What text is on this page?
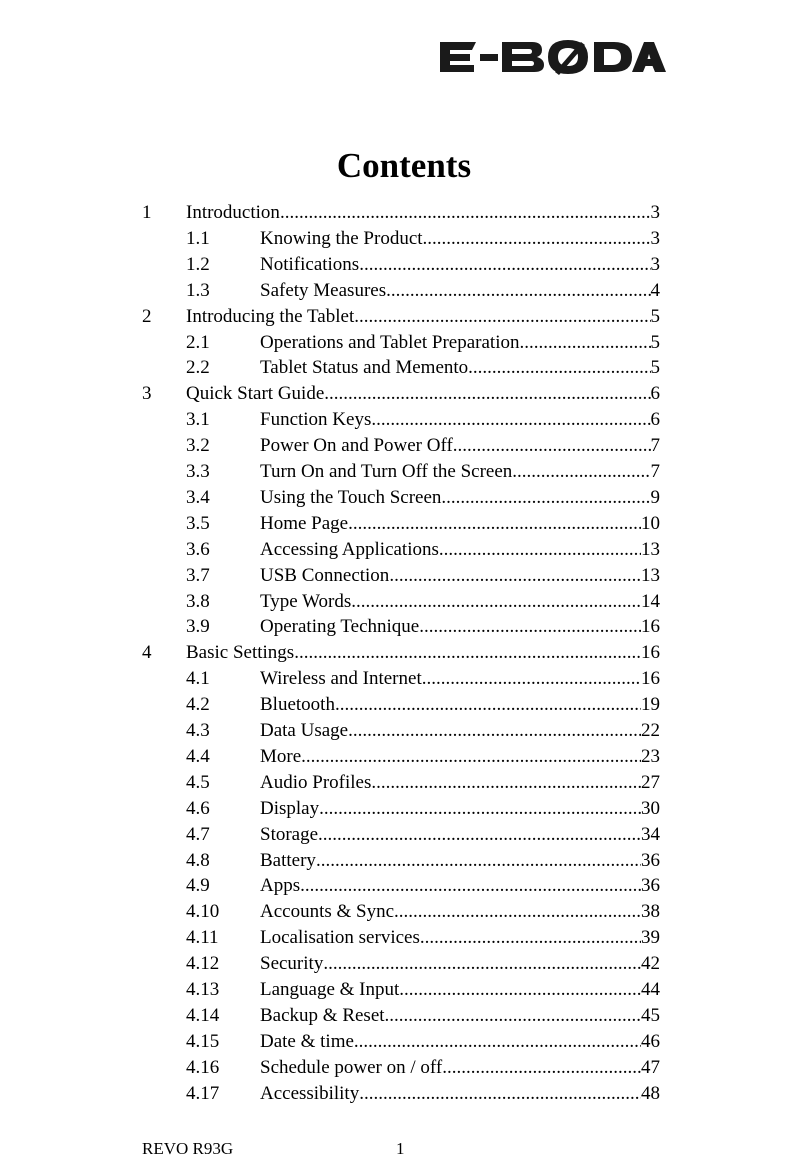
Contents
1 Introduction .....	3
1.1	Knowing the Product .....	3
1.2	Notifications .....	3
1.3	Safety Measures .....	4
2 Introducing the Tablet .....	5
2.1	Operations and Tablet Preparation .....	5
2.2	Tablet Status and Memento .....	5
3 Quick Start Guide .....	6
3.1	Function Keys .....	6
3.2	Power On and Power Off .....	7
3.3	Turn On and Turn Off the Screen .....	7
3.4	Using the Touch Screen .....	9
3.5	Home Page .....	10
3.6	Accessing Applications .....	13
3.7	USB Connection .....	13
3.8	Type Words .....	14
3.9	Operating Technique .....	16
4 Basic Settings .....	16
4.1	Wireless and Internet .....	16
4.2	Bluetooth .....	19
4.3	Data Usage .....	22
4.4	More .....	23
4.5	Audio Profiles .....	27
4.6	Display .....	30
4.7	Storage .....	34
4.8	Battery .....	36
4.9	Apps .....	36
4.10 Accounts & Sync .....	38
4.11 Localisation services .....	39
4.12 Security .....	42
4.13 Language & Input .....	44
4.14 Backup & Reset .....	45
4.15 Date & time .....	46
4.16 Schedule power on / off .....	47
4.17 Accessibility .....	48
REVO R93G	1
